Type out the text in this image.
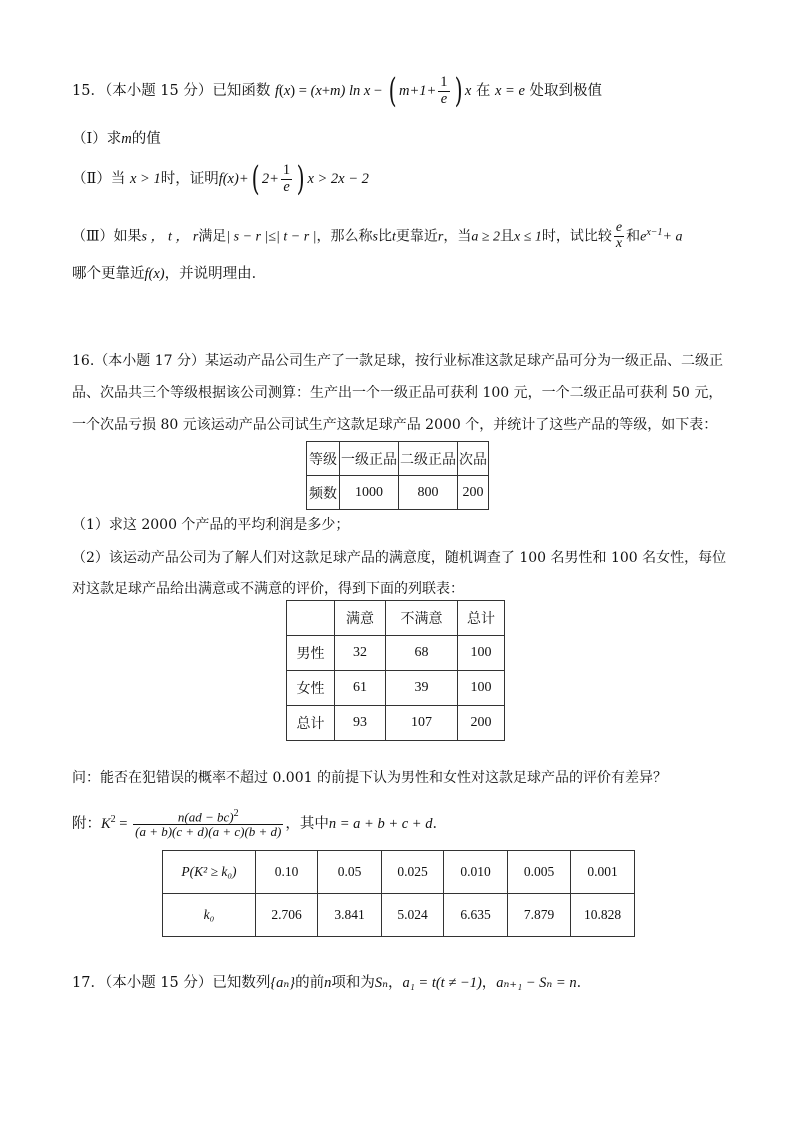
15．（本小题 15 分）已知函数 f(x) = (x+m) ln x − ( $m+1+ \frac{1}{e}$ ) x 在 x = e 处取到极值
（Ⅰ）求m的值
（Ⅱ）当 x > 1时，证明f(x)+( $2+ \frac{1}{e}$ ) x > 2x − 2
（Ⅲ）如果s ， t ， r满足| s − r |≤| t − r |，那么称s比t更靠近r，当a ≥ 2且x ≤ 1时，试比较 $\frac{e}{x}$ 和$e^{x-1}+ a$
哪个更靠近f(x)，并说明理由．
16.（本小题 17 分）某运动产品公司生产了一款足球，按行业标准这款足球产品可分为一级正品、二级正
品、次品共三个等级根据该公司测算：生产出一个一级正品可获利 100 元，一个二级正品可获利 50 元，
一个次品亏损 80 元该运动产品公司试生产这款足球产品 2000 个，并统计了这些产品的等级，如下表：
等级	一级正品	二级正品	次品
频数	1000	800	200
（1）求这 2000 个产品的平均利润是多少；
（2）该运动产品公司为了解人们对这款足球产品的满意度，随机调查了 100 名男性和 100 名女性，每位
对这款足球产品给出满意或不满意的评价，得到下面的列联表：
	满意	不满意	总计
男性	32	68	100
女性	61	39	100
总计	93	107	200
问：能否在犯错误的概率不超过 0.001 的前提下认为男性和女性对这款足球产品的评价有差异？
附：$K^2 = \frac{n(ad - bc)^2}{(a + b)(c + d)(a + c)(b + d)}$ ，其中n = a + b + c + d．
P(K² ≥ k₀)	0.10	0.05	0.025	0.010	0.005	0.001
k₀	2.706	3.841	5.024	6.635	7.879	10.828
17．（本小题 15 分）已知数列{aₙ}的前n项和为Sₙ，a₁ = t(t ≠ −1)，aₙ₊₁ − Sₙ = n．
